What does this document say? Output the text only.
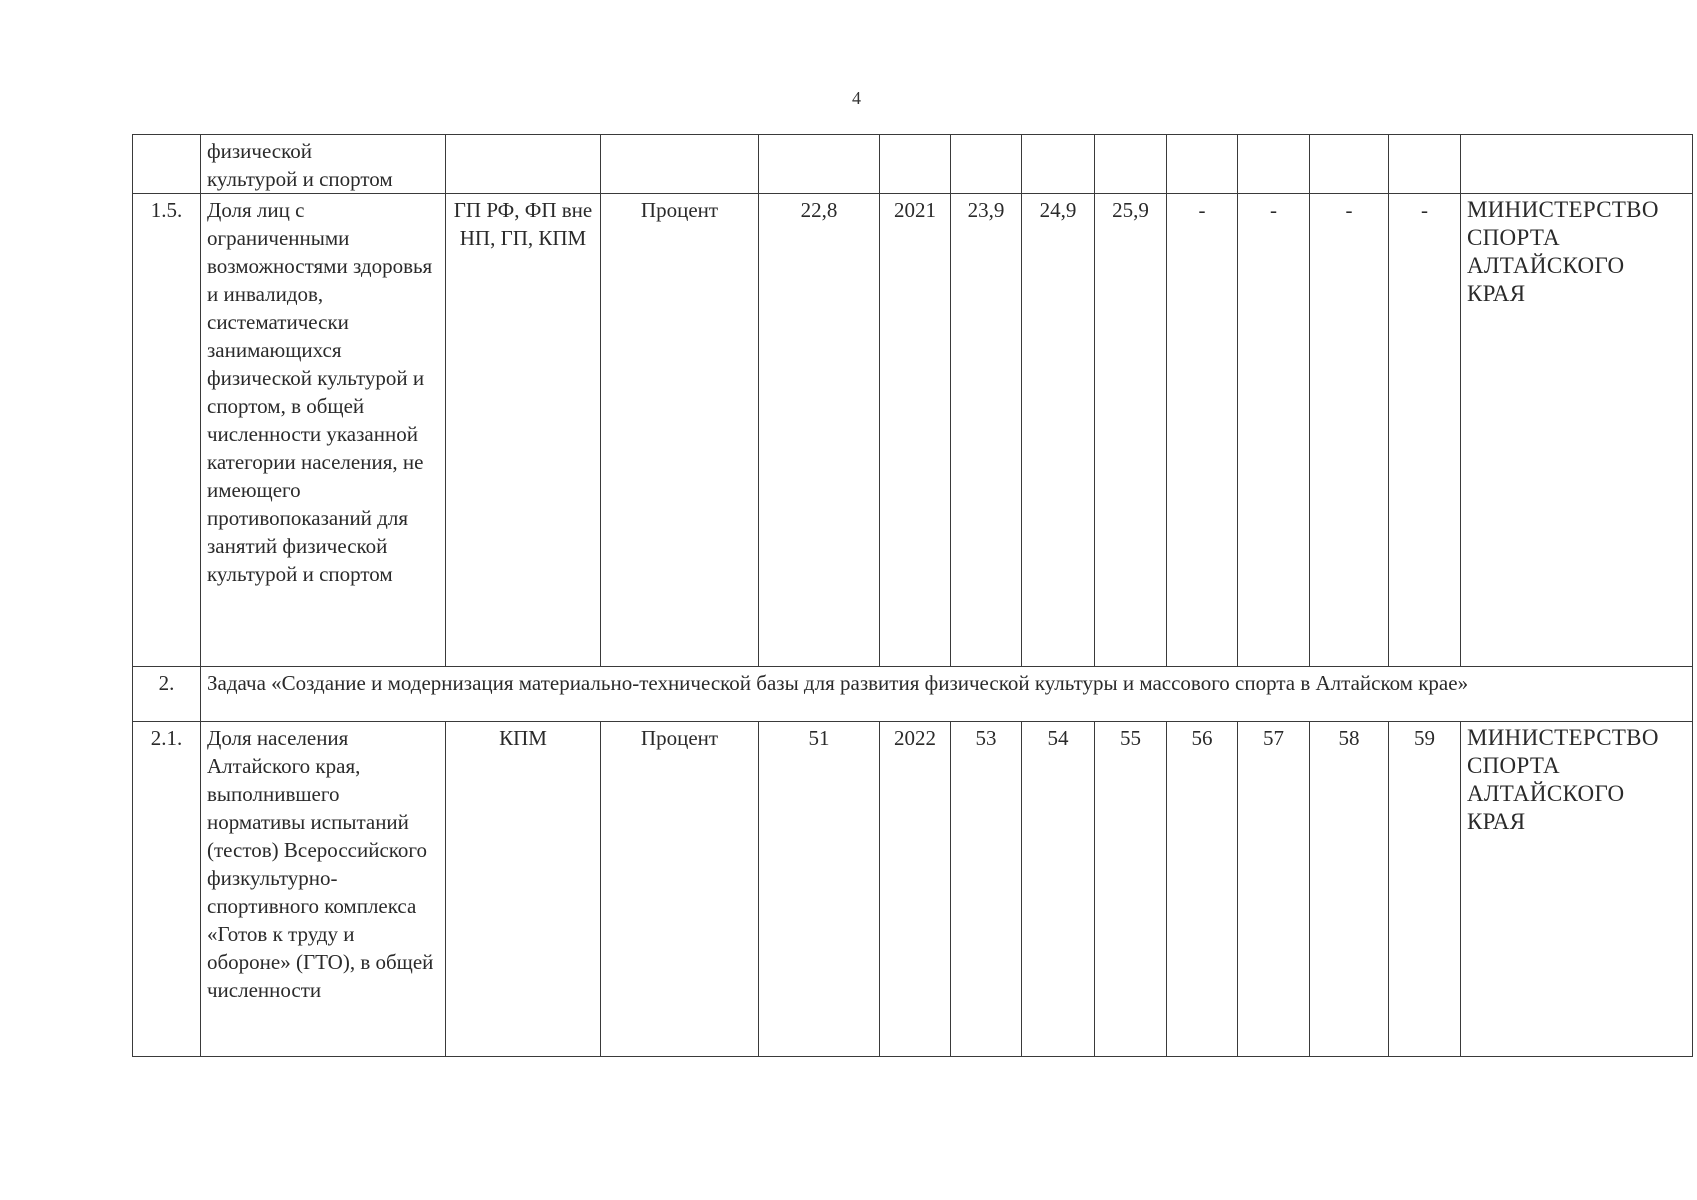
4
	физической
культурой и спортом												
1.5.	Доля лиц с ограниченными возможностями здоровья и инвалидов, систематически занимающихся физической культурой и спортом, в общей численности указанной категории населения, не имеющего противопоказаний для занятий физической культурой и спортом	ГП РФ, ФП вне НП, ГП, КПМ	Процент	22,8	2021	23,9	24,9	25,9	-	-	-	-	МИНИСТЕРСТВО СПОРТА АЛТАЙСКОГО КРАЯ
2.	Задача «Создание и модернизация материально-технической базы для развития физической культуры и массового спорта в Алтайском крае»												
2.1.	Доля населения Алтайского края, выполнившего нормативы испытаний (тестов) Всероссийского физкультурно-спортивного комплекса «Готов к труду и обороне» (ГТО), в общей численности	КПМ	Процент	51	2022	53	54	55	56	57	58	59	МИНИСТЕРСТВО СПОРТА АЛТАЙСКОГО КРАЯ
